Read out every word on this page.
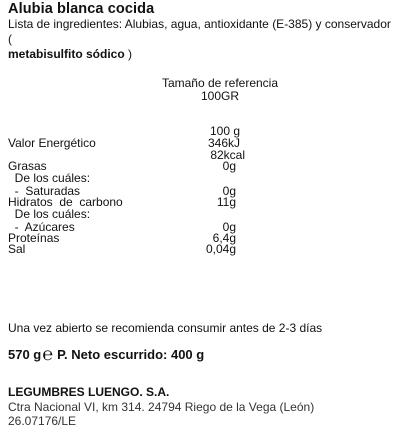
Alubia blanca cocida
Lista de ingredientes: Alubias, agua, antioxidante (E-385) y conservador (
metabisulfito sódico )
Tamaño de referencia
100GR
100 g
Valor Energético	346kJ
82kcal
Grasas	0g
De los cuáles:
-  Saturadas	0g
Hidratos  de  carbono	11g
De los cuáles:
-  Azúcares	0g
Proteínas	6,4g
Sal	0,04g
Una vez abierto se recomienda consumir antes de 2-3 días
570 g℮ P. Neto escurrido: 400 g
LEGUMBRES LUENGO. S.A.
Ctra Nacional VI, km 314. 24794 Riego de la Vega (León)
26.07176/LE
